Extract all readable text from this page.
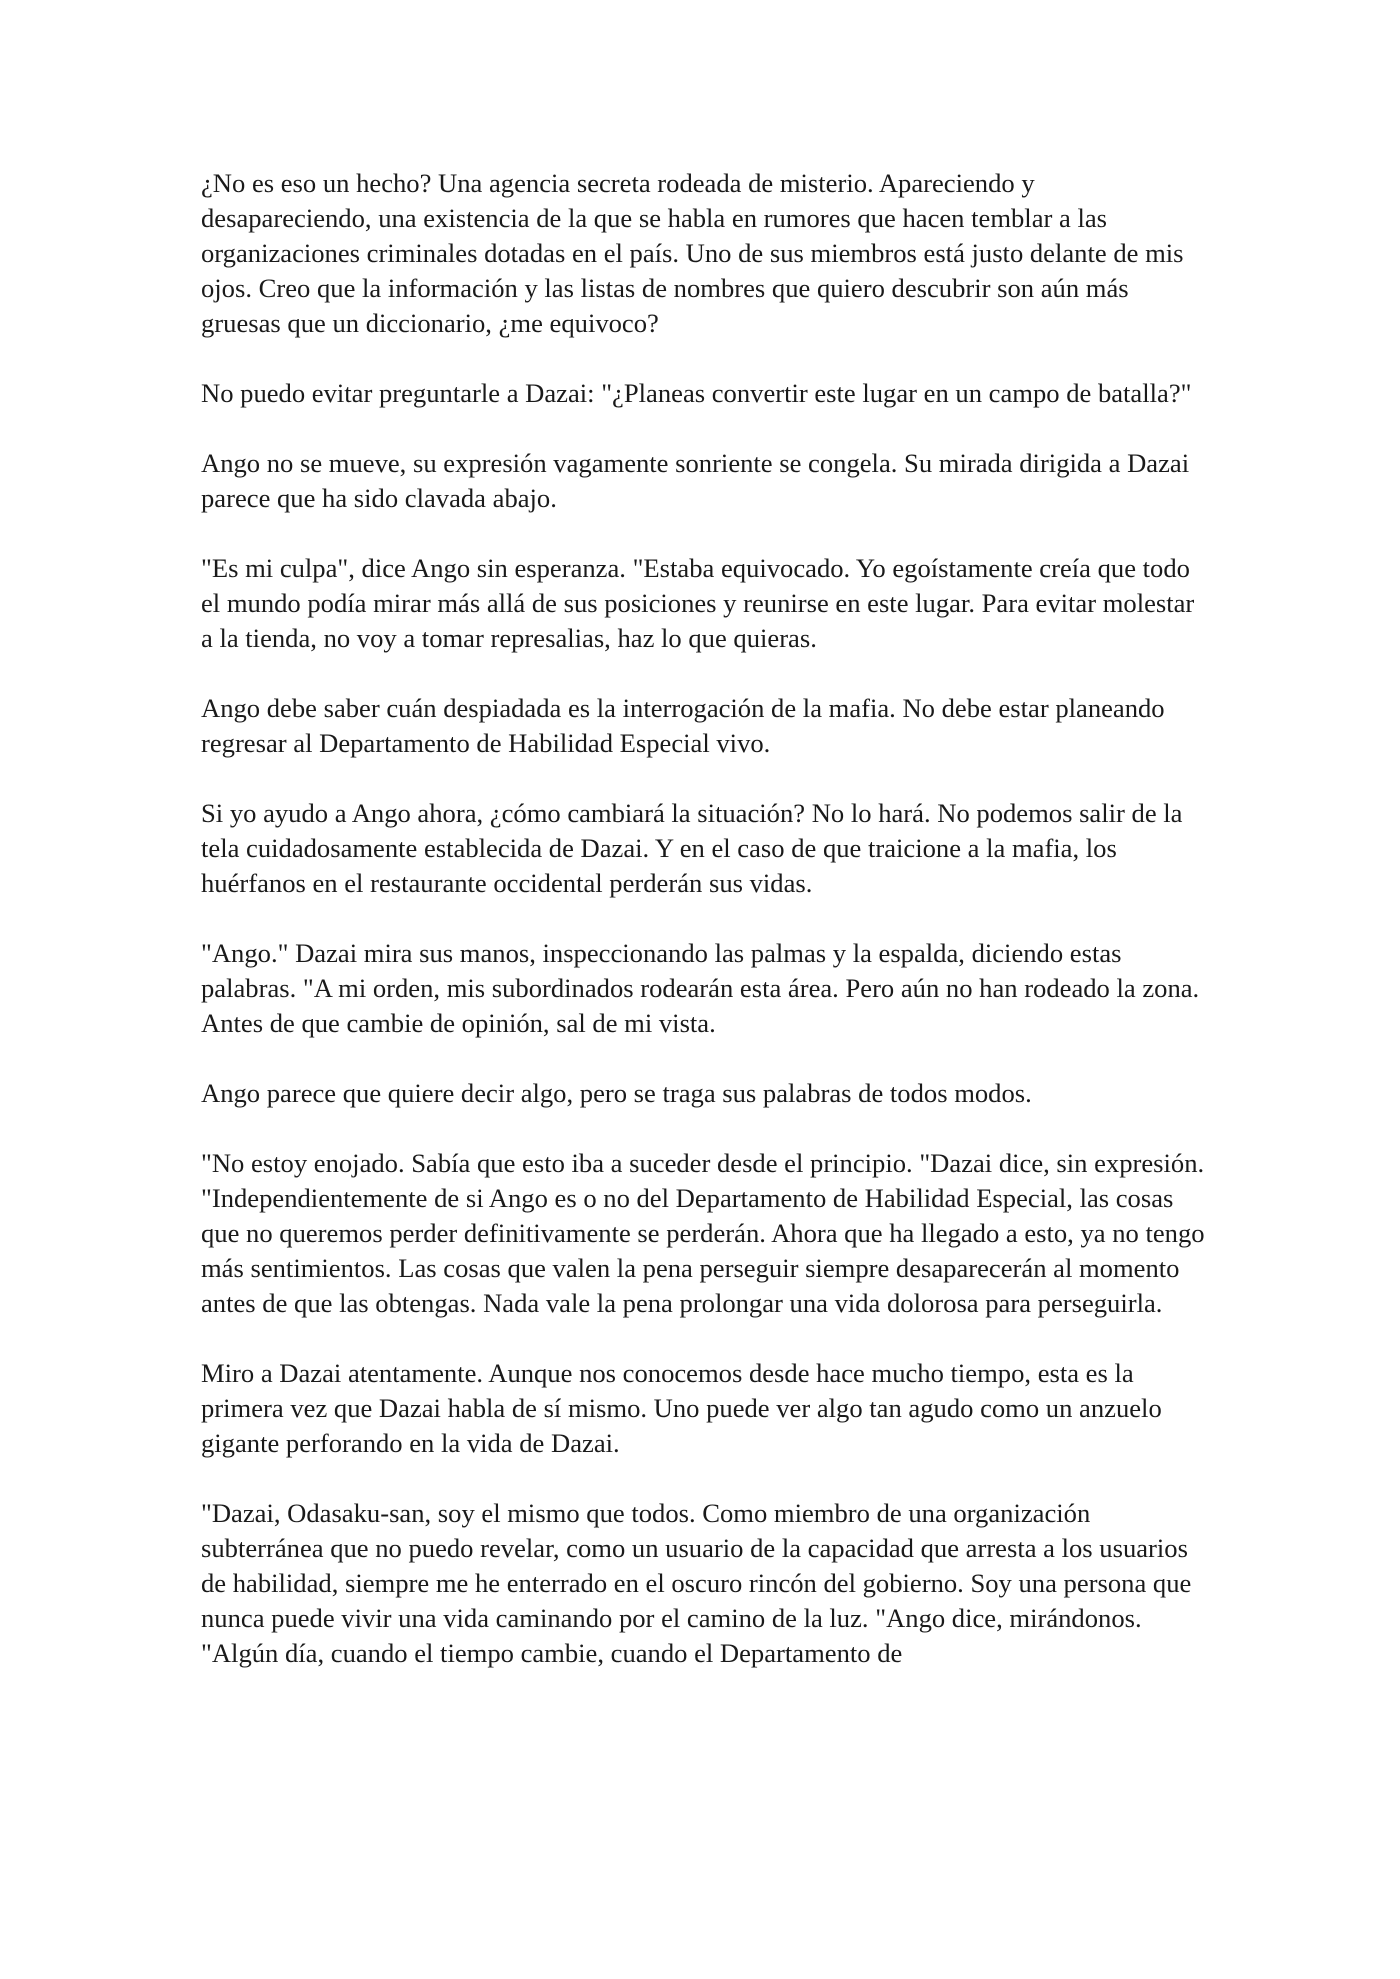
¿No es eso un hecho? Una agencia secreta rodeada de misterio. Apareciendo y desapareciendo, una existencia de la que se habla en rumores que hacen temblar a las organizaciones criminales dotadas en el país. Uno de sus miembros está justo delante de mis ojos. Creo que la información y las listas de nombres que quiero descubrir son aún más gruesas que un diccionario, ¿me equivoco?

No puedo evitar preguntarle a Dazai: "¿Planeas convertir este lugar en un campo de batalla?"

Ango no se mueve, su expresión vagamente sonriente se congela. Su mirada dirigida a Dazai parece que ha sido clavada abajo.

"Es mi culpa", dice Ango sin esperanza. "Estaba equivocado. Yo egoístamente creía que todo el mundo podía mirar más allá de sus posiciones y reunirse en este lugar. Para evitar molestar a la tienda, no voy a tomar represalias, haz lo que quieras.

Ango debe saber cuán despiadada es la interrogación de la mafia. No debe estar planeando regresar al Departamento de Habilidad Especial vivo.

Si yo ayudo a Ango ahora, ¿cómo cambiará la situación? No lo hará. No podemos salir de la tela cuidadosamente establecida de Dazai. Y en el caso de que traicione a la mafia, los huérfanos en el restaurante occidental perderán sus vidas.

"Ango." Dazai mira sus manos, inspeccionando las palmas y la espalda, diciendo estas palabras. "A mi orden, mis subordinados rodearán esta área. Pero aún no han rodeado la zona. Antes de que cambie de opinión, sal de mi vista.

Ango parece que quiere decir algo, pero se traga sus palabras de todos modos.

"No estoy enojado. Sabía que esto iba a suceder desde el principio. "Dazai dice, sin expresión.

"Independientemente de si Ango es o no del Departamento de Habilidad Especial, las cosas que no queremos perder definitivamente se perderán. Ahora que ha llegado a esto, ya no tengo más sentimientos. Las cosas que valen la pena perseguir siempre desaparecerán al momento antes de que las obtengas. Nada vale la pena prolongar una vida dolorosa para perseguirla.

Miro a Dazai atentamente. Aunque nos conocemos desde hace mucho tiempo, esta es la primera vez que Dazai habla de sí mismo. Uno puede ver algo tan agudo como un anzuelo gigante perforando en la vida de Dazai.

"Dazai, Odasaku-san, soy el mismo que todos. Como miembro de una organización subterránea que no puedo revelar, como un usuario de la capacidad que arresta a los usuarios de habilidad, siempre me he enterrado en el oscuro rincón del gobierno. Soy una persona que nunca puede vivir una vida caminando por el camino de la luz. "Ango dice, mirándonos. "Algún día, cuando el tiempo cambie, cuando el Departamento de
